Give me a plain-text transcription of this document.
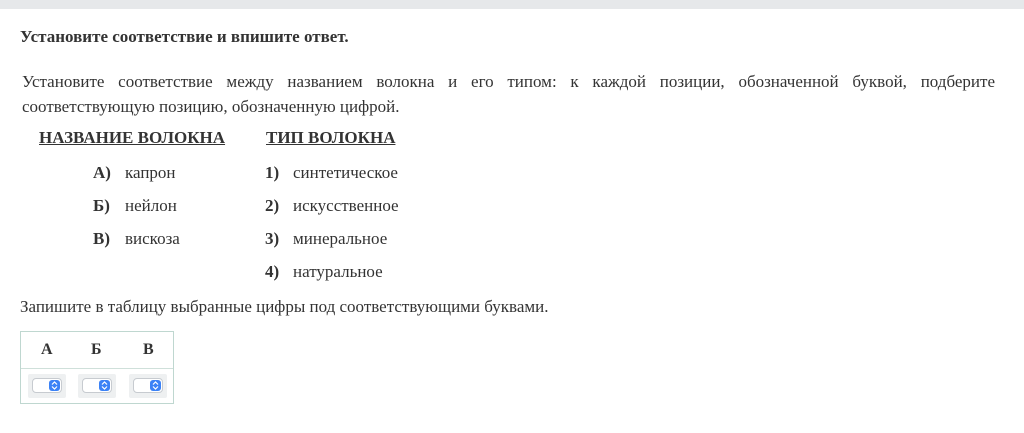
Установите соответствие и впишите ответ.
Установите соответствие между названием волокна и его типом: к каждой позиции, обозначенной буквой, подберите соответствующую позицию, обозначенную цифрой.
НАЗВАНИЕ ВОЛОКНА ТИП ВОЛОКНА
А) капрон
Б) нейлон
В) вискоза
1) синтетическое
2) искусственное
3) минеральное
4) натуральное
Запишите в таблицу выбранные цифры под соответствующими буквами.
А Б	В
